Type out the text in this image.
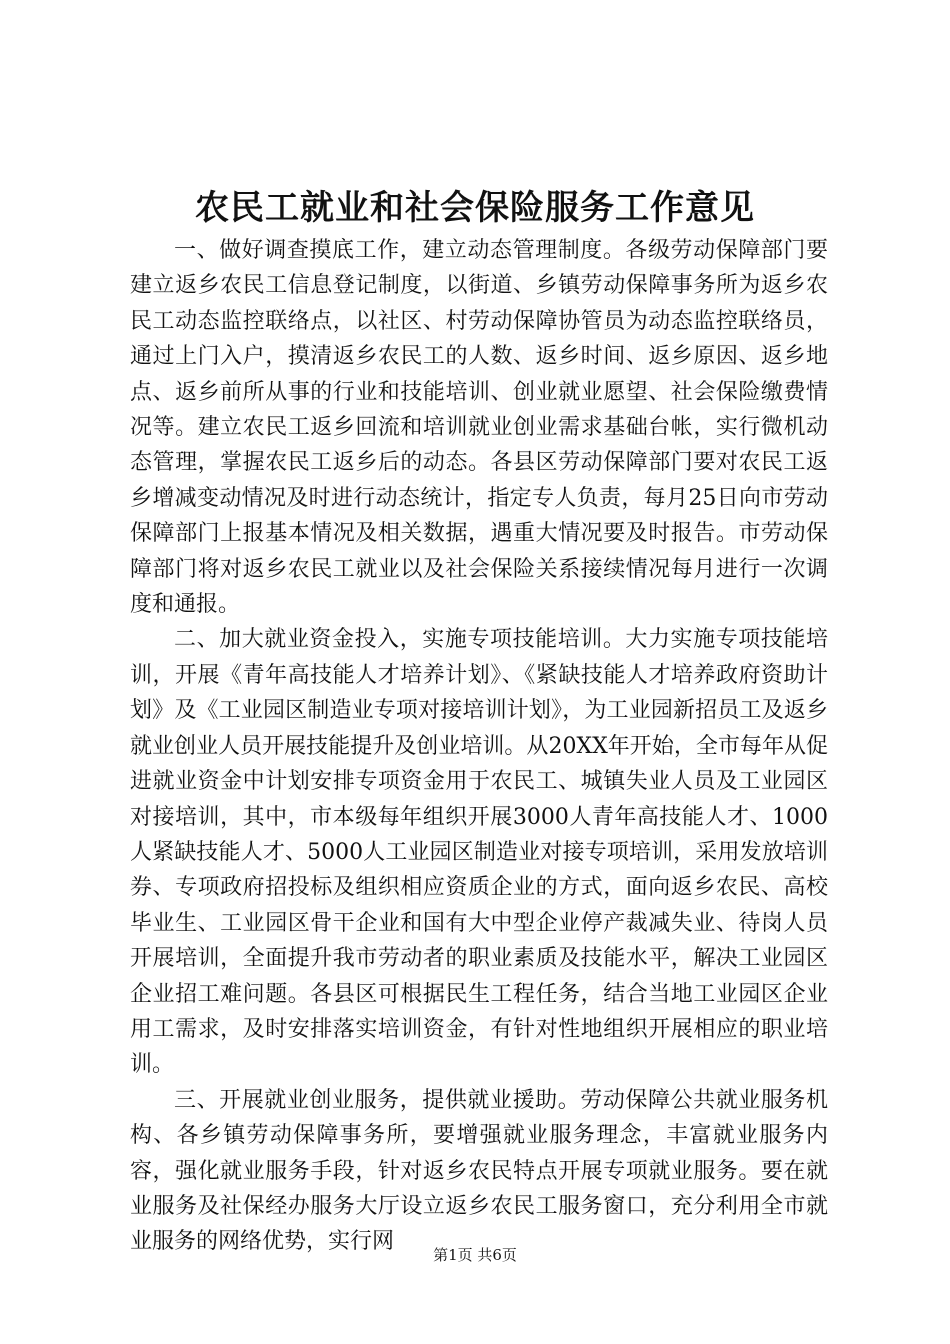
农民工就业和社会保险服务工作意见

一、做好调查摸底工作，建立动态管理制度。各级劳动保障部门要建立返乡农民工信息登记制度，以街道、乡镇劳动保障事务所为返乡农民工动态监控联络点，以社区、村劳动保障协管员为动态监控联络员，通过上门入户，摸清返乡农民工的人数、返乡时间、返乡原因、返乡地点、返乡前所从事的行业和技能培训、创业就业愿望、社会保险缴费情况等。建立农民工返乡回流和培训就业创业需求基础台帐，实行微机动态管理，掌握农民工返乡后的动态。各县区劳动保障部门要对农民工返乡增减变动情况及时进行动态统计，指定专人负责，每月25日向市劳动保障部门上报基本情况及相关数据，遇重大情况要及时报告。市劳动保障部门将对返乡农民工就业以及社会保险关系接续情况每月进行一次调度和通报。

二、加大就业资金投入，实施专项技能培训。大力实施专项技能培训，开展《青年高技能人才培养计划》、《紧缺技能人才培养政府资助计划》及《工业园区制造业专项对接培训计划》，为工业园新招员工及返乡就业创业人员开展技能提升及创业培训。从20XX年开始，全市每年从促进就业资金中计划安排专项资金用于农民工、城镇失业人员及工业园区对接培训，其中，市本级每年组织开展3000人青年高技能人才、1000人紧缺技能人才、5000人工业园区制造业对接专项培训，采用发放培训券、专项政府招投标及组织相应资质企业的方式，面向返乡农民、高校毕业生、工业园区骨干企业和国有大中型企业停产裁减失业、待岗人员开展培训，全面提升我市劳动者的职业素质及技能水平，解决工业园区企业招工难问题。各县区可根据民生工程任务，结合当地工业园区企业用工需求，及时安排落实培训资金，有针对性地组织开展相应的职业培训。

三、开展就业创业服务，提供就业援助。劳动保障公共就业服务机构、各乡镇劳动保障事务所，要增强就业服务理念，丰富就业服务内容，强化就业服务手段，针对返乡农民特点开展专项就业服务。要在就业服务及社保经办服务大厅设立返乡农民工服务窗口，充分利用全市就业服务的网络优势，实行网

第1页 共6页
